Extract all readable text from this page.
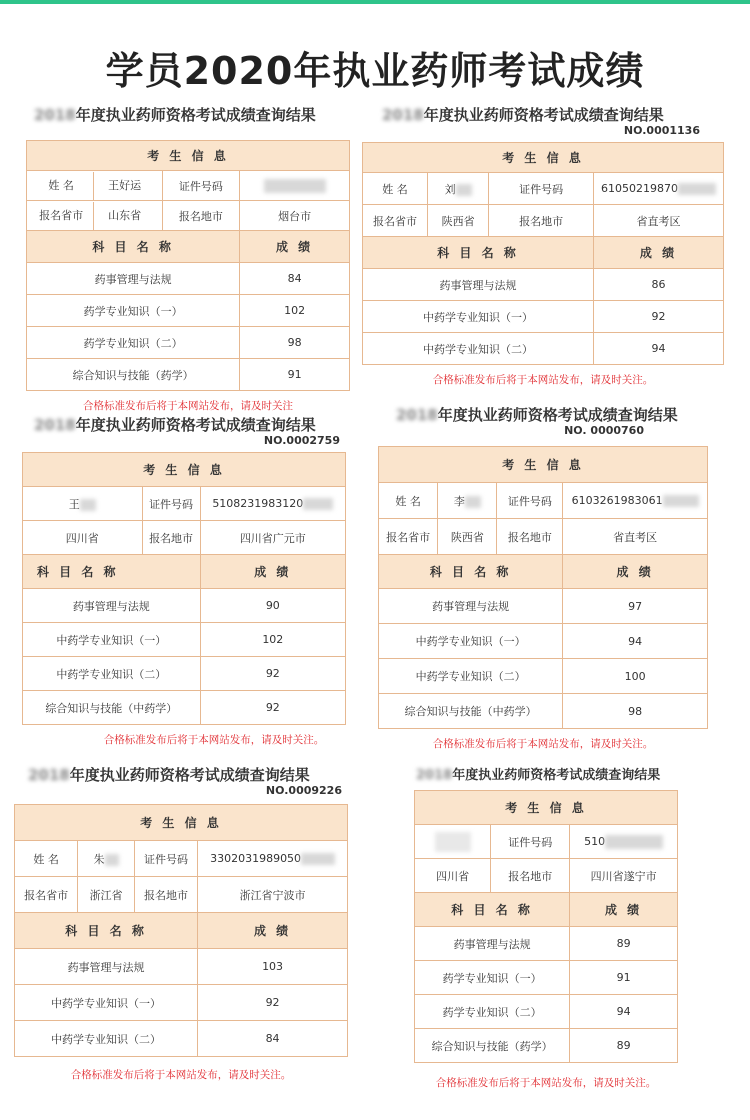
学员2020年执业药师考试成绩
2018年度执业药师资格考试成绩查询结果
考 生 信 息		
姓 名 王好运	证件号码	
报名省市 山东省	报名地市	烟台市
科 目 名 称		成 绩
药事管理与法规		84
药学专业知识（一）		102
药学专业知识（二）		98
综合知识与技能（药学）		91
合格标准发布后将于本网站发布，请及时关注
2018年度执业药师资格考试成绩查询结果
NO.0001136
考 生 信 息			
姓 名	刘	证件号码	61050219870
报名省市	陕西省	报名地市	省直考区
科 目 名 称			成 绩
药事管理与法规			86
中药学专业知识（一）			92
中药学专业知识（二）			94
合格标准发布后将于本网站发布，请及时关注。
2018年度执业药师资格考试成绩查询结果
NO.0002759
考 生 信 息		
王	证件号码	5108231983120
四川省	报名地市	四川省广元市
科 目 名 称		成 绩
药事管理与法规		90
中药学专业知识（一）		102
中药学专业知识（二）		92
综合知识与技能（中药学）		92
合格标准发布后将于本网站发布，请及时关注。
2018年度执业药师资格考试成绩查询结果
NO. 0000760
考 生 信 息			
姓 名	李	证件号码	6103261983061
报名省市	陕西省	报名地市	省直考区
科 目 名 称			成 绩
药事管理与法规			97
中药学专业知识（一）			94
中药学专业知识（二）			100
综合知识与技能（中药学）			98
合格标准发布后将于本网站发布，请及时关注。
2018年度执业药师资格考试成绩查询结果
NO.0009226
考 生 信 息			
姓 名	朱	证件号码	3302031989050
报名省市	浙江省	报名地市	浙江省宁波市
科 目 名 称			成 绩
药事管理与法规			103
中药学专业知识（一）			92
中药学专业知识（二）			84
合格标准发布后将于本网站发布，请及时关注。
2018年度执业药师资格考试成绩查询结果
考 生 信 息		
	证件号码	510
四川省	报名地市	四川省遂宁市
科 目 名 称		成 绩
药事管理与法规		89
药学专业知识（一）		91
药学专业知识（二）		94
综合知识与技能（药学）		89
合格标准发布后将于本网站发布，请及时关注。
